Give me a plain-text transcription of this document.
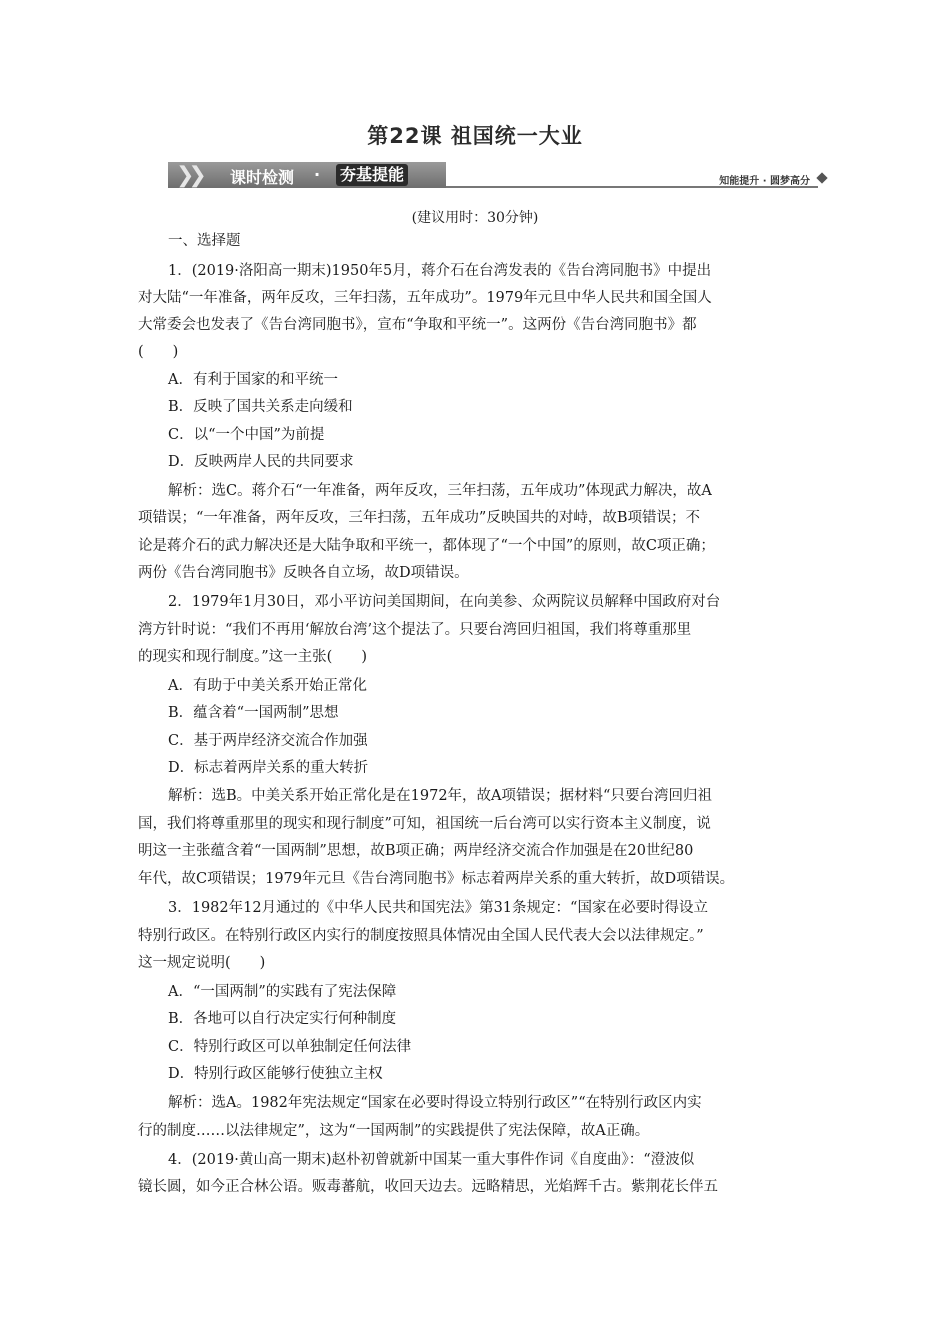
第22课 祖国统一大业
❯❯ 课时检测 · 夯基提能	知能提升 · 圆梦高分
(建议用时：30分钟)
一、选择题
1．(2019·洛阳高一期末)1950年5月，蒋介石在台湾发表的《告台湾同胞书》中提出
对大陆“一年准备，两年反攻，三年扫荡，五年成功”。1979年元旦中华人民共和国全国人
大常委会也发表了《告台湾同胞书》，宣布“争取和平统一”。这两份《告台湾同胞书》都
(　　)
A．有利于国家的和平统一
B．反映了国共关系走向缓和
C．以“一个中国”为前提
D．反映两岸人民的共同要求
解析：选C。蒋介石“一年准备，两年反攻，三年扫荡，五年成功”体现武力解决，故A
项错误；“一年准备，两年反攻，三年扫荡，五年成功”反映国共的对峙，故B项错误；不
论是蒋介石的武力解决还是大陆争取和平统一，都体现了“一个中国”的原则，故C项正确；
两份《告台湾同胞书》反映各自立场，故D项错误。
2．1979年1月30日，邓小平访问美国期间，在向美参、众两院议员解释中国政府对台
湾方针时说：“我们不再用‘解放台湾’这个提法了。只要台湾回归祖国，我们将尊重那里
的现实和现行制度。”这一主张(　　)
A．有助于中美关系开始正常化
B．蕴含着“一国两制”思想
C．基于两岸经济交流合作加强
D．标志着两岸关系的重大转折
解析：选B。中美关系开始正常化是在1972年，故A项错误；据材料“只要台湾回归祖
国，我们将尊重那里的现实和现行制度”可知，祖国统一后台湾可以实行资本主义制度，说
明这一主张蕴含着“一国两制”思想，故B项正确；两岸经济交流合作加强是在20世纪80
年代，故C项错误；1979年元旦《告台湾同胞书》标志着两岸关系的重大转折，故D项错误。
3．1982年12月通过的《中华人民共和国宪法》第31条规定：“国家在必要时得设立
特别行政区。在特别行政区内实行的制度按照具体情况由全国人民代表大会以法律规定。”
这一规定说明(　　)
A．“一国两制”的实践有了宪法保障
B．各地可以自行决定实行何种制度
C．特别行政区可以单独制定任何法律
D．特别行政区能够行使独立主权
解析：选A。1982年宪法规定“国家在必要时得设立特别行政区”“在特别行政区内实
行的制度……以法律规定”，这为“一国两制”的实践提供了宪法保障，故A正确。
4．(2019·黄山高一期末)赵朴初曾就新中国某一重大事件作词《自度曲》：“澄波似
镜长圆，如今正合林公语。贩毒蕃航，收回天边去。远略精思，光焰辉千古。紫荆花长伴五
